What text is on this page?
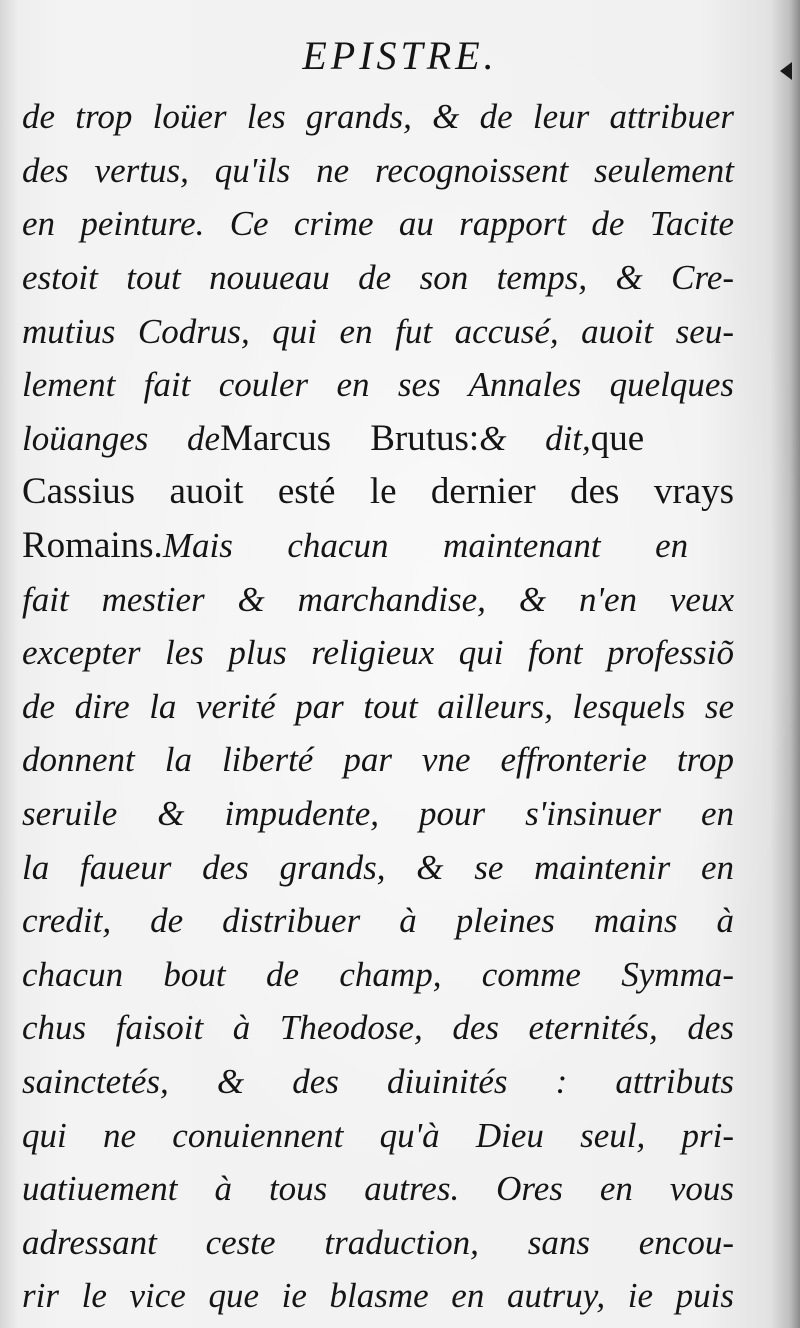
EPISTRE.
de trop loüer les grands, & de leur attribuer
des vertus, qu'ils ne recognoissent seulement
en peinture. Ce crime au rapport de Tacite
estoit tout nouueau de son temps, & Cre-
mutius Codrus, qui en fut accusé, auoit seu-
lement fait couler en ses Annales quelques
loüanges de Marcus Brutus: & dit, que
Cassius auoit esté le dernier des vrays
Romains. Mais chacun maintenant en
fait mestier & marchandise, & n'en veux
excepter les plus religieux qui font professiõ
de dire la verité par tout ailleurs, lesquels se
donnent la liberté par vne effronterie trop
seruile & impudente, pour s'insinuer en
la faueur des grands, & se maintenir en
credit, de distribuer à pleines mains à
chacun bout de champ, comme Symma-
chus faisoit à Theodose, des eternités, des
sainctetés, & des diuinités : attributs
qui ne conuiennent qu'à Dieu seul, pri-
uatiuement à tous autres. Ores en vous
adressant ceste traduction, sans encou-
rir le vice que ie blasme en autruy, ie puis
